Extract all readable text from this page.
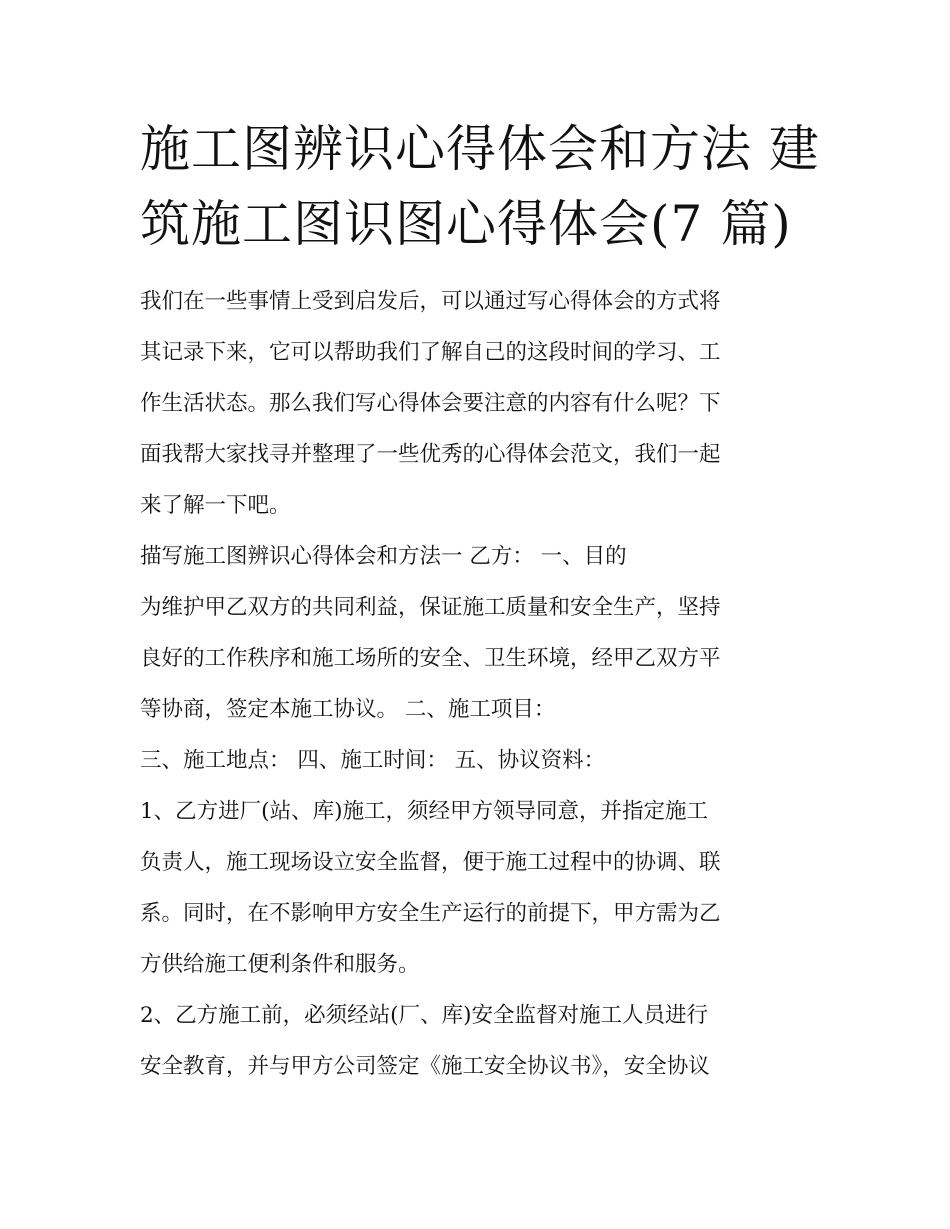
施工图辨识心得体会和方法 建
筑施工图识图心得体会(7 篇)
我们在一些事情上受到启发后，可以通过写心得体会的方式将
其记录下来，它可以帮助我们了解自己的这段时间的学习、工
作生活状态。那么我们写心得体会要注意的内容有什么呢？下
面我帮大家找寻并整理了一些优秀的心得体会范文，我们一起
来了解一下吧。
描写施工图辨识心得体会和方法一 乙方： 一、目的
为维护甲乙双方的共同利益，保证施工质量和安全生产，坚持
良好的工作秩序和施工场所的安全、卫生环境，经甲乙双方平
等协商，签定本施工协议。 二、施工项目：
三、施工地点： 四、施工时间： 五、协议资料：
1、乙方进厂(站、库)施工，须经甲方领导同意，并指定施工
负责人，施工现场设立安全监督，便于施工过程中的协调、联
系。同时，在不影响甲方安全生产运行的前提下，甲方需为乙
方供给施工便利条件和服务。
2、乙方施工前，必须经站(厂、库)安全监督对施工人员进行
安全教育，并与甲方公司签定《施工安全协议书》，安全协议
